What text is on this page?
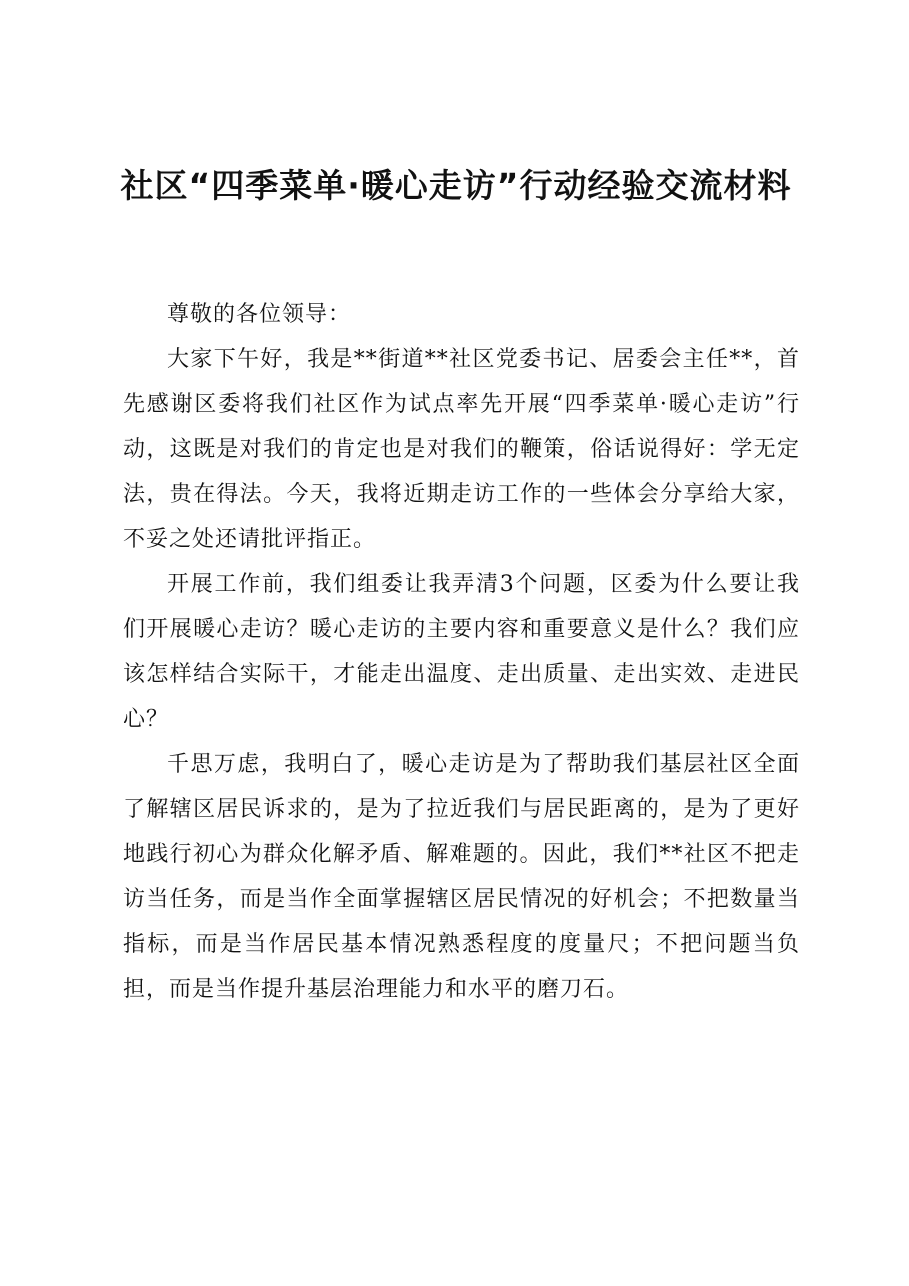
社区“四季菜单·暖心走访”行动经验交流材料

尊敬的各位领导：

大家下午好，我是**街道**社区党委书记、居委会主任**，首先感谢区委将我们社区作为试点率先开展“四季菜单·暖心走访”行动，这既是对我们的肯定也是对我们的鞭策，俗话说得好：学无定法，贵在得法。今天，我将近期走访工作的一些体会分享给大家，不妥之处还请批评指正。

开展工作前，我们组委让我弄清3个问题，区委为什么要让我们开展暖心走访？暖心走访的主要内容和重要意义是什么？我们应该怎样结合实际干，才能走出温度、走出质量、走出实效、走进民心？

千思万虑，我明白了，暖心走访是为了帮助我们基层社区全面了解辖区居民诉求的，是为了拉近我们与居民距离的，是为了更好地践行初心为群众化解矛盾、解难题的。因此，我们**社区不把走访当任务，而是当作全面掌握辖区居民情况的好机会；不把数量当指标，而是当作居民基本情况熟悉程度的度量尺；不把问题当负担，而是当作提升基层治理能力和水平的磨刀石。
